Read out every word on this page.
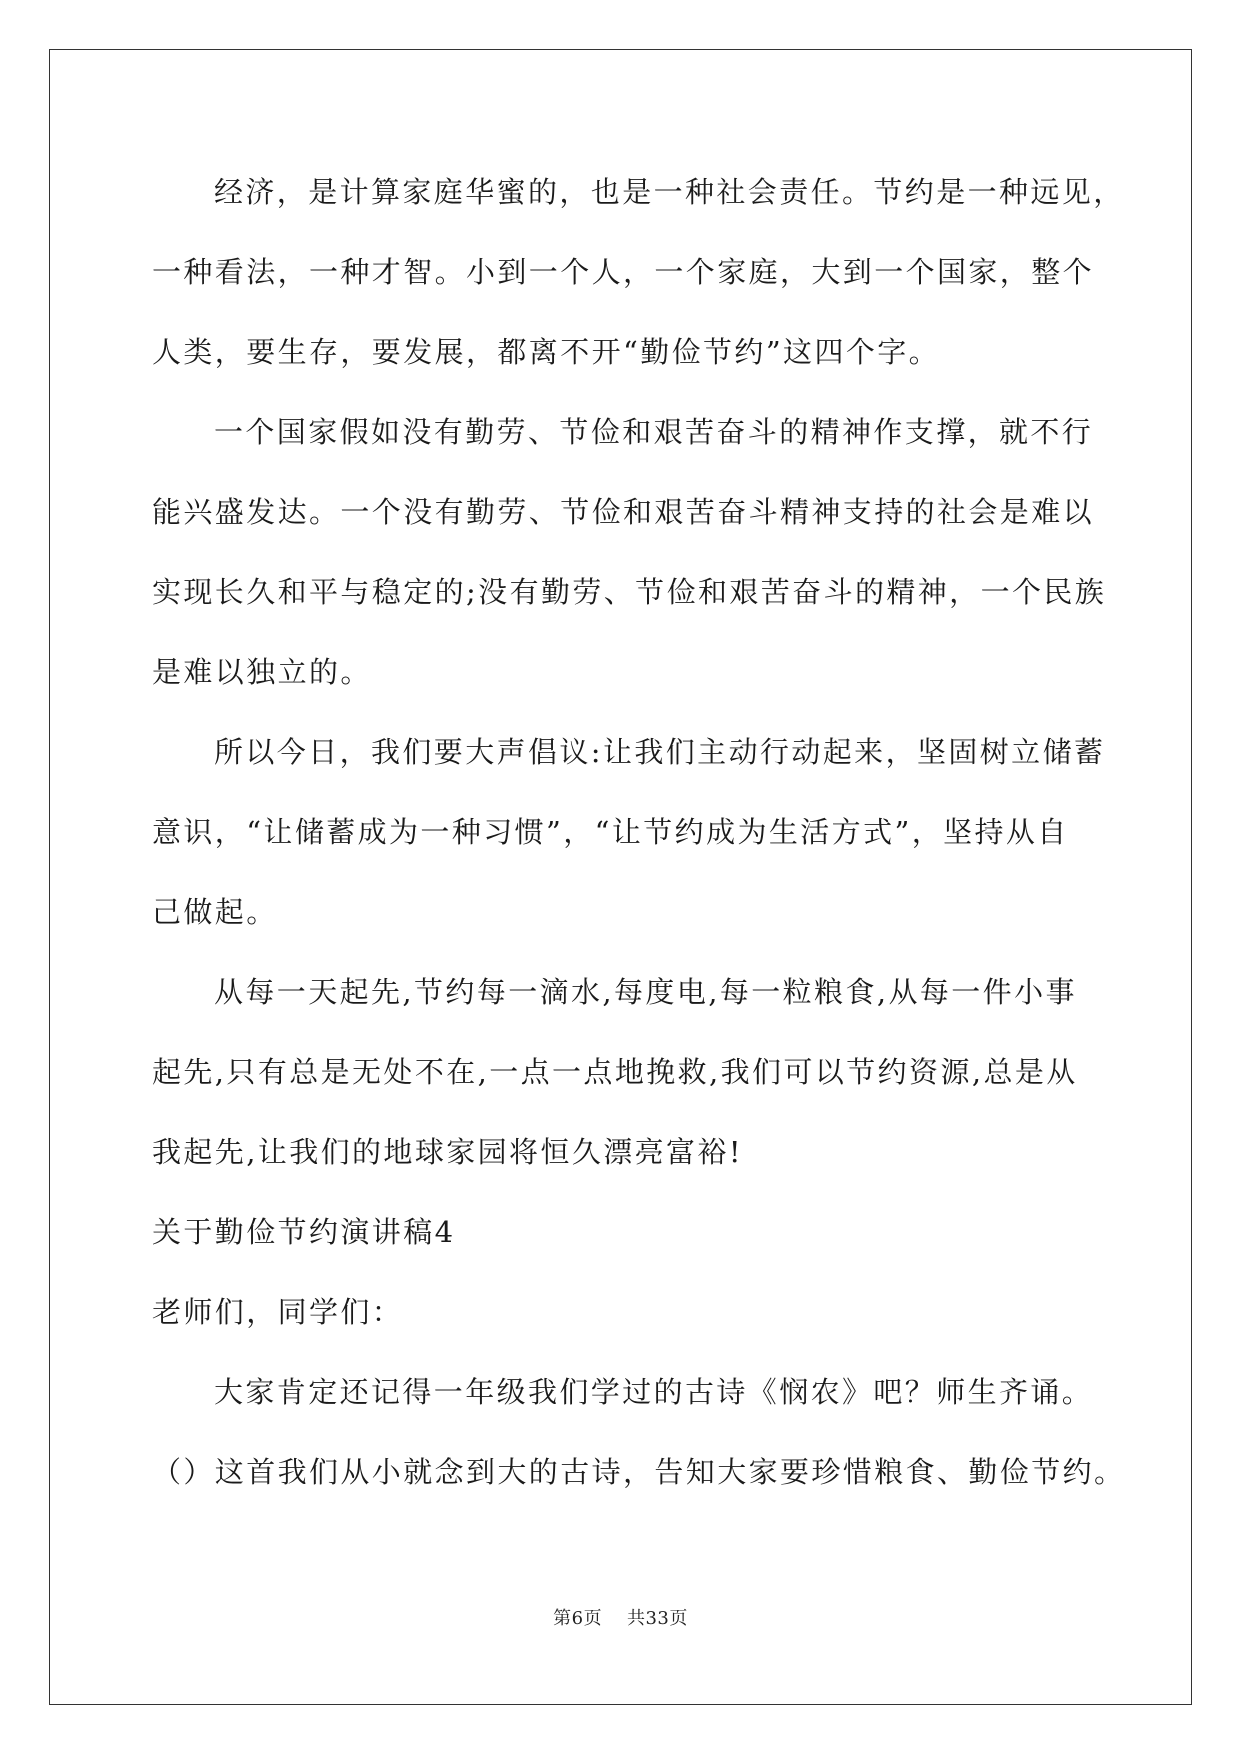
经济，是计算家庭华蜜的，也是一种社会责任。节约是一种远见，
一种看法，一种才智。小到一个人，一个家庭，大到一个国家，整个
人类，要生存，要发展，都离不开“勤俭节约”这四个字。
一个国家假如没有勤劳、节俭和艰苦奋斗的精神作支撑，就不行
能兴盛发达。一个没有勤劳、节俭和艰苦奋斗精神支持的社会是难以
实现长久和平与稳定的;没有勤劳、节俭和艰苦奋斗的精神，一个民族
是难以独立的。
所以今日，我们要大声倡议:让我们主动行动起来，坚固树立储蓄
意识，“让储蓄成为一种习惯”，“让节约成为生活方式”，坚持从自
己做起。
从每一天起先,节约每一滴水,每度电,每一粒粮食,从每一件小事
起先,只有总是无处不在,一点一点地挽救,我们可以节约资源,总是从
我起先,让我们的地球家园将恒久漂亮富裕!
关于勤俭节约演讲稿4
老师们，同学们：
大家肯定还记得一年级我们学过的古诗《悯农》吧？师生齐诵。
（）这首我们从小就念到大的古诗，告知大家要珍惜粮食、勤俭节约。
第6页 共33页
